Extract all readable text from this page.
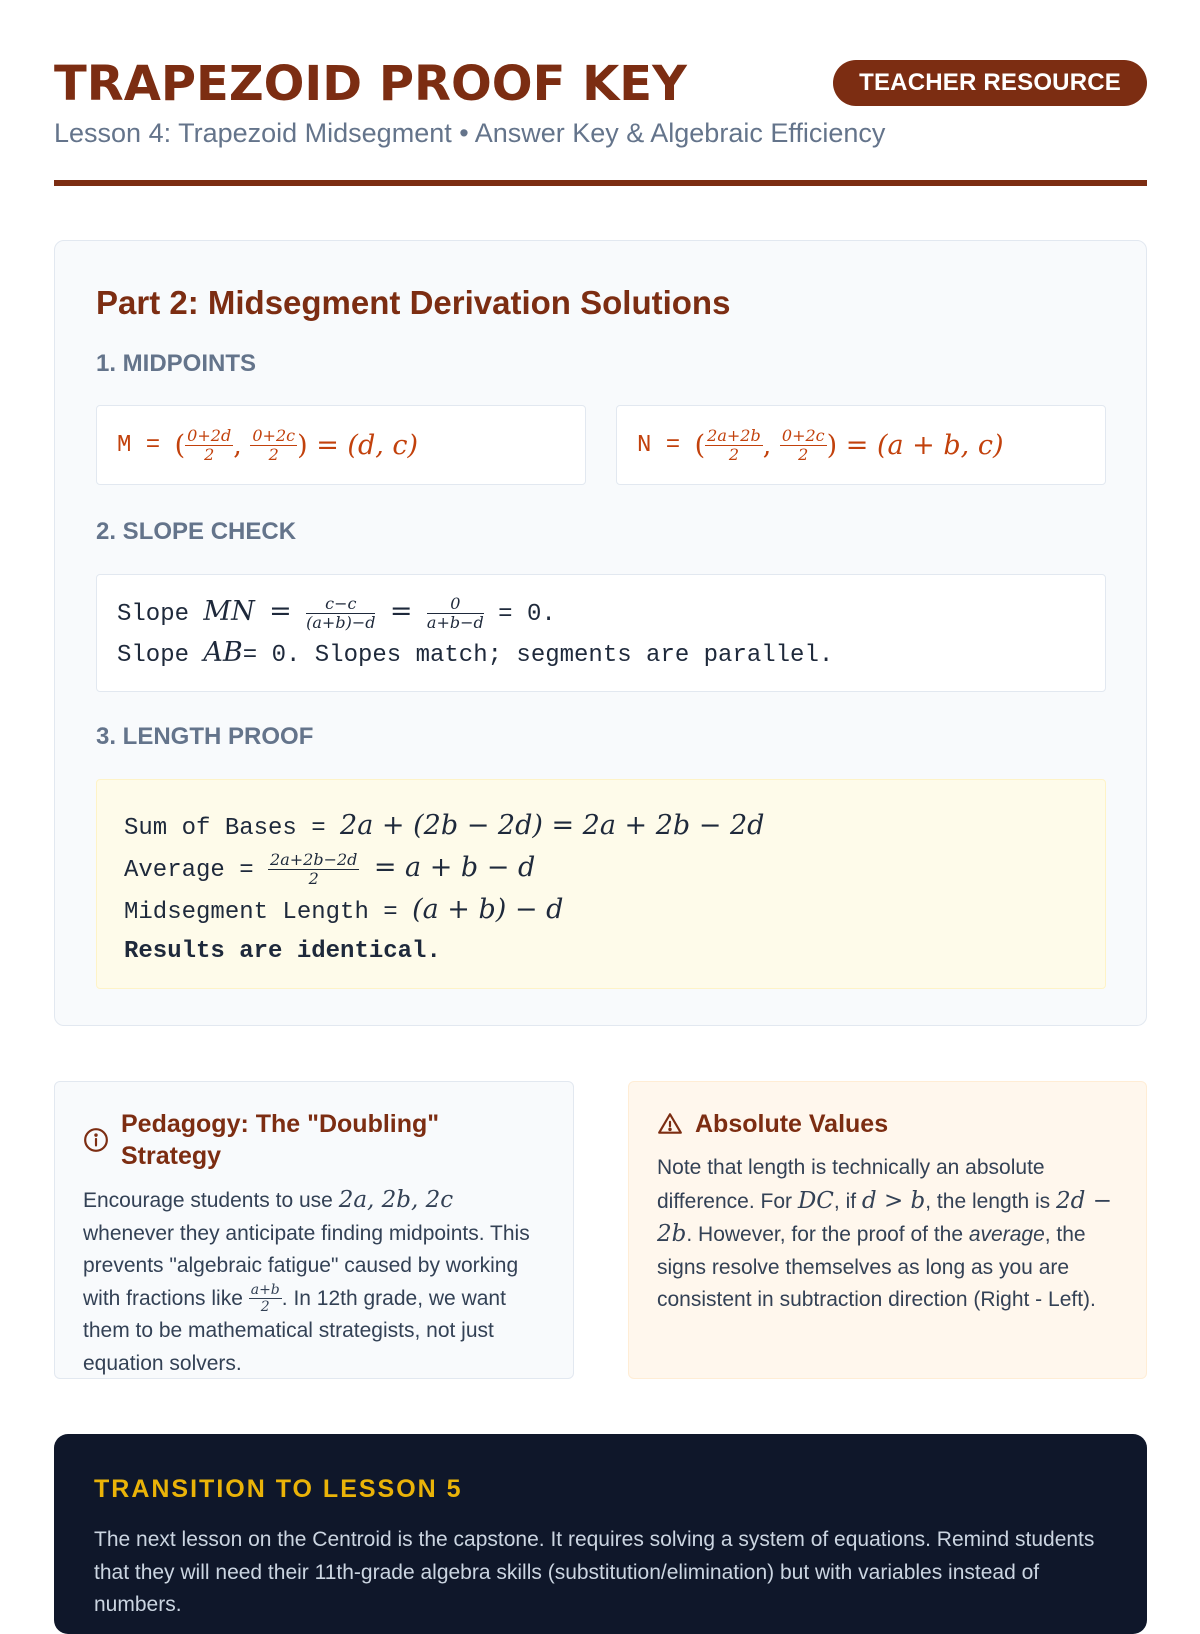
TRAPEZOID PROOF KEY	TEACHER RESOURCE
Lesson 4: Trapezoid Midsegment • Answer Key & Algebraic Efficiency
Part 2: Midsegment Derivation Solutions
1. MIDPOINTS
M = ( $\frac{0+2d}{2}$ , $\frac{0+2c}{2}$ ) = (d, c)	N = ( $\frac{2a+2b}{2}$ , $\frac{0+2c}{2}$ ) = (a + b, c)
2. SLOPE CHECK
Slope MN = $\frac{c-c}{(a+b)-d} = \frac{0}{a+b-d} = 0$.
Slope AB= 0. Slopes match; segments are parallel.
3. LENGTH PROOF
Sum of Bases = 2a + (2b − 2d) = 2a + 2b − 2d
Average = $\frac{2a+2b-2d}{2} = a + b - d$
Midsegment Length = (a + b) − d
Results are identical.
Pedagogy: The "Doubling" Strategy

Encourage students to use 2a, 2b, 2c whenever they anticipate finding midpoints. This prevents "algebraic fatigue" caused by working with fractions like $\frac{a+b}{2}$ . In 12th grade, we want them to be mathematical strategists, not just equation solvers.

Absolute Values

Note that length is technically an absolute difference. For DC, if d > b, the length is 2d − 2b. However, for the proof of the average, the signs resolve themselves as long as you are consistent in subtraction direction (Right - Left).

TRANSITION TO LESSON 5

The next lesson on the Centroid is the capstone. It requires solving a system of equations. Remind students that they will need their 11th-grade algebra skills (substitution/elimination) but with variables instead of numbers.
